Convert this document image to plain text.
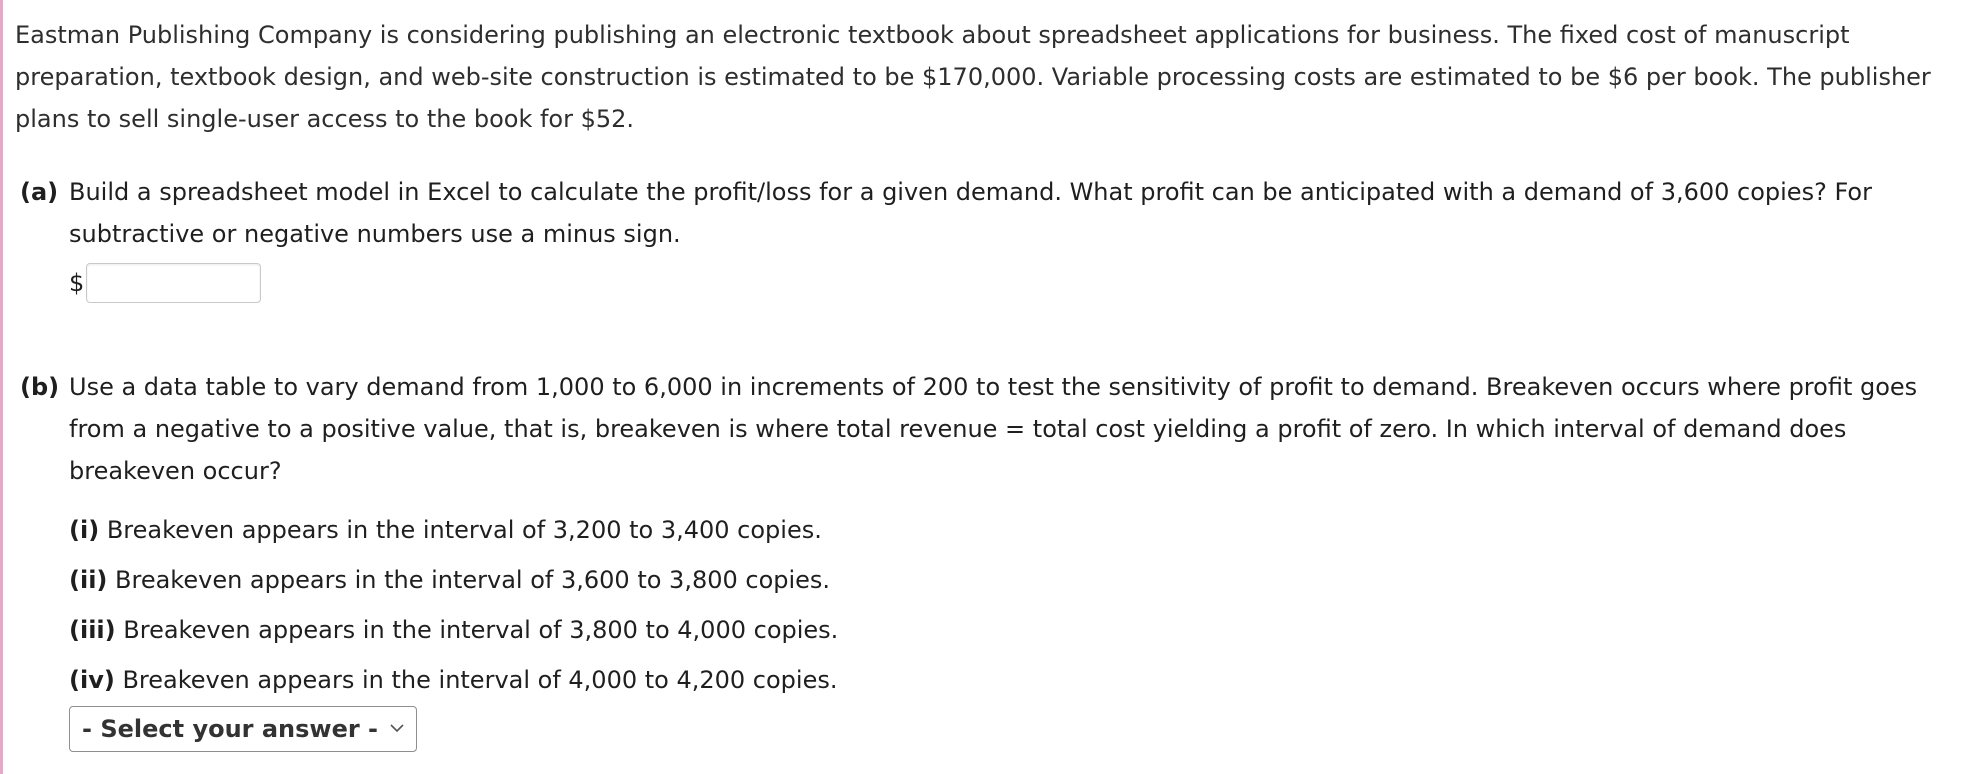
Eastman Publishing Company is considering publishing an electronic textbook about spreadsheet applications for business. The fixed cost of manuscript preparation, textbook design, and web-site construction is estimated to be $170,000. Variable processing costs are estimated to be $6 per book. The publisher plans to sell single-user access to the book for $52.

(a) Build a spreadsheet model in Excel to calculate the profit/loss for a given demand. What profit can be anticipated with a demand of 3,600 copies? For subtractive or negative numbers use a minus sign.
$
(b) Use a data table to vary demand from 1,000 to 6,000 in increments of 200 to test the sensitivity of profit to demand. Breakeven occurs where profit goes from a negative to a positive value, that is, breakeven is where total revenue = total cost yielding a profit of zero. In which interval of demand does breakeven occur?
(i) Breakeven appears in the interval of 3,200 to 3,400 copies.
(ii) Breakeven appears in the interval of 3,600 to 3,800 copies.
(iii) Breakeven appears in the interval of 3,800 to 4,000 copies.
(iv) Breakeven appears in the interval of 4,000 to 4,200 copies.
- Select your answer -
